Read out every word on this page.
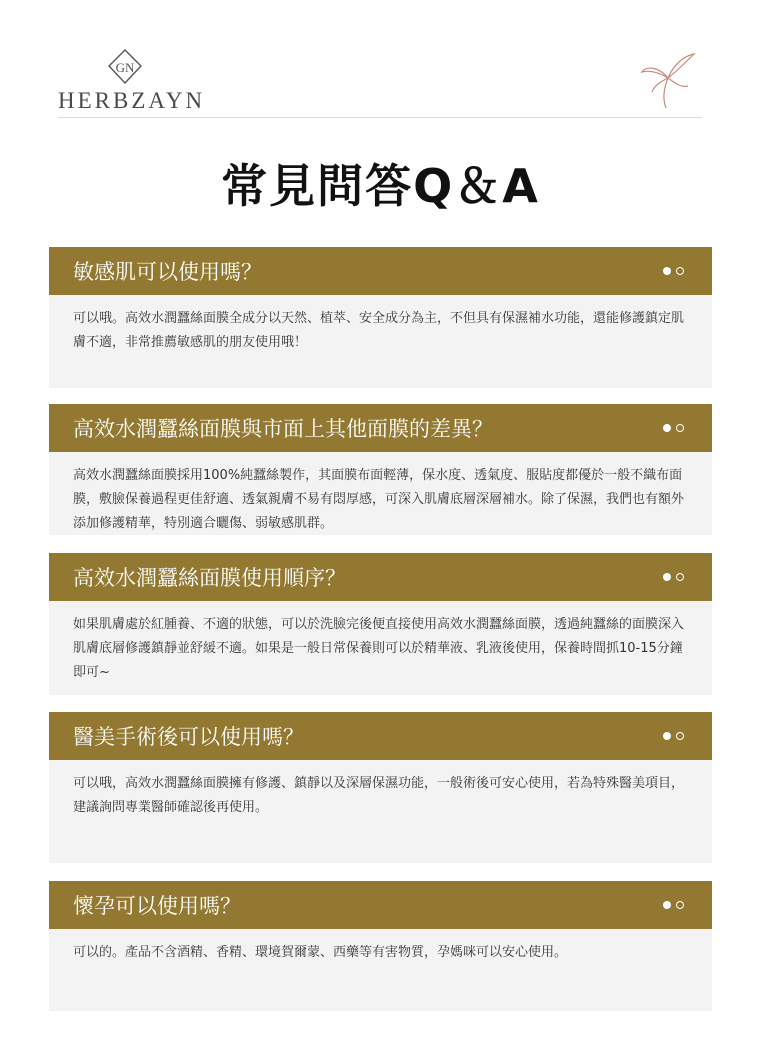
GN
HERBZAYN
常見問答Q＆A
敏感肌可以使用嗎？

可以哦。高效水潤蠶絲面膜全成分以天然、植萃、安全成分為主，不但具有保濕補水功能，還能修護鎮定肌膚不適，非常推薦敏感肌的朋友使用哦！

高效水潤蠶絲面膜與市面上其他面膜的差異？

高效水潤蠶絲面膜採用100%純蠶絲製作，其面膜布面輕薄，保水度、透氣度、服貼度都優於一般不織布面膜，敷臉保養過程更佳舒適、透氣親膚不易有悶厚感，可深入肌膚底層深層補水。除了保濕，我們也有額外添加修護精華，特別適合曬傷、弱敏感肌群。

高效水潤蠶絲面膜使用順序？

如果肌膚處於紅腫養、不適的狀態，可以於洗臉完後便直接使用高效水潤蠶絲面膜，透過純蠶絲的面膜深入肌膚底層修護鎮靜並舒緩不適。如果是一般日常保養則可以於精華液、乳液後使用，保養時間抓10-15分鐘即可~

醫美手術後可以使用嗎？

可以哦，高效水潤蠶絲面膜擁有修護、鎮靜以及深層保濕功能，一般術後可安心使用，若為特殊醫美項目，建議詢問專業醫師確認後再使用。

懷孕可以使用嗎？

可以的。產品不含酒精、香精、環境賀爾蒙、西藥等有害物質，孕媽咪可以安心使用。
